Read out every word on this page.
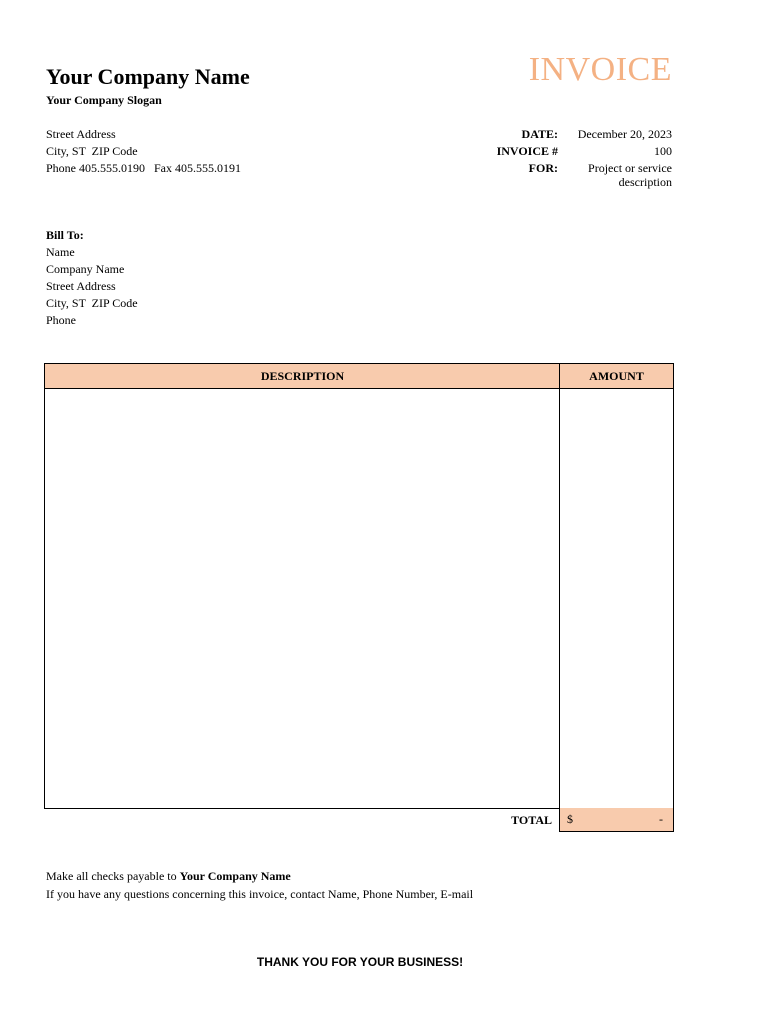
Your Company Name
Your Company Slogan
INVOICE
Street Address
City, ST  ZIP Code
Phone 405.555.0190   Fax 405.555.0191
DATE:	December 20, 2023
INVOICE #	100
FOR:	Project or service
description
Bill To:
Name
Company Name
Street Address
City, ST  ZIP Code
Phone
DESCRIPTION	AMOUNT
TOTAL $	-
Make all checks payable to Your Company Name
If you have any questions concerning this invoice, contact Name, Phone Number, E-mail
THANK YOU FOR YOUR BUSINESS!
